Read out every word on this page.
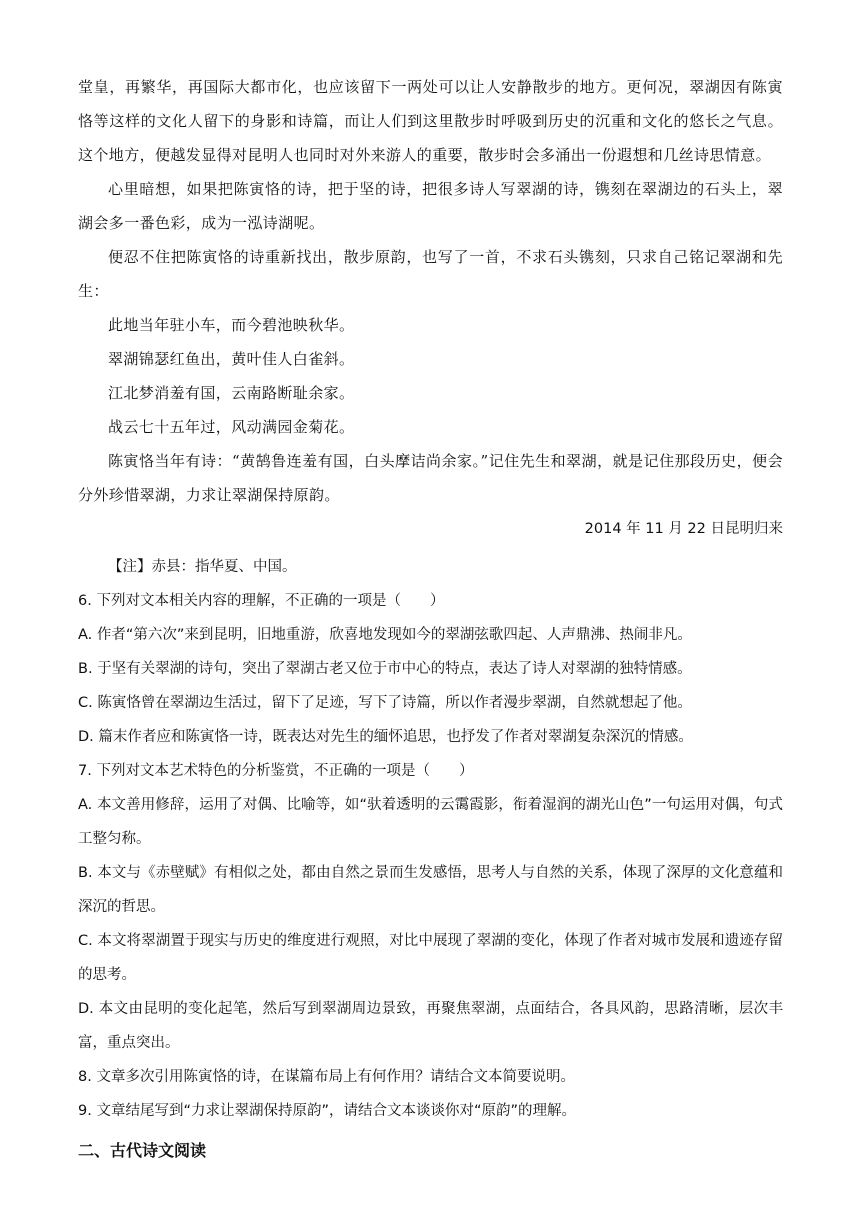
堂皇，再繁华，再国际大都市化，也应该留下一两处可以让人安静散步的地方。更何况，翠湖因有陈寅恪等这样的文化人留下的身影和诗篇，而让人们到这里散步时呼吸到历史的沉重和文化的悠长之气息。这个地方，便越发显得对昆明人也同时对外来游人的重要，散步时会多涌出一份遐想和几丝诗思情意。

心里暗想，如果把陈寅恪的诗，把于坚的诗，把很多诗人写翠湖的诗，镌刻在翠湖边的石头上，翠湖会多一番色彩，成为一泓诗湖呢。

便忍不住把陈寅恪的诗重新找出，散步原韵，也写了一首，不求石头镌刻，只求自己铭记翠湖和先生：

此地当年驻小车，而今碧池映秋华。

翠湖锦瑟红鱼出，黄叶佳人白雀斜。

江北梦消羞有国，云南路断耻余家。

战云七十五年过，风动满园金菊花。

陈寅恪当年有诗：“黄鹄鲁连羞有国，白头摩诘尚余家。”记住先生和翠湖，就是记住那段历史，便会分外珍惜翠湖，力求让翠湖保持原韵。

2014 年 11 月 22 日昆明归来

【注】赤县：指华夏、中国。

6. 下列对文本相关内容的理解，不正确的一项是（　　）

A. 作者“第六次”来到昆明，旧地重游，欣喜地发现如今的翠湖弦歌四起、人声鼎沸、热闹非凡。

B. 于坚有关翠湖的诗句，突出了翠湖古老又位于市中心的特点，表达了诗人对翠湖的独特情感。

C. 陈寅恪曾在翠湖边生活过，留下了足迹，写下了诗篇，所以作者漫步翠湖，自然就想起了他。

D. 篇末作者应和陈寅恪一诗，既表达对先生的缅怀追思，也抒发了作者对翠湖复杂深沉的情感。

7. 下列对文本艺术特色的分析鉴赏，不正确的一项是（　　）

A. 本文善用修辞，运用了对偶、比喻等，如“驮着透明的云霭霞影，衔着湿润的湖光山色”一句运用对偶，句式工整匀称。

B. 本文与《赤壁赋》有相似之处，都由自然之景而生发感悟，思考人与自然的关系，体现了深厚的文化意蕴和深沉的哲思。

C. 本文将翠湖置于现实与历史的维度进行观照，对比中展现了翠湖的变化，体现了作者对城市发展和遗迹存留的思考。

D. 本文由昆明的变化起笔，然后写到翠湖周边景致，再聚焦翠湖，点面结合，各具风韵，思路清晰，层次丰富，重点突出。

8. 文章多次引用陈寅恪的诗，在谋篇布局上有何作用？请结合文本简要说明。

9. 文章结尾写到“力求让翠湖保持原韵”，请结合文本谈谈你对“原韵”的理解。

二、古代诗文阅读
